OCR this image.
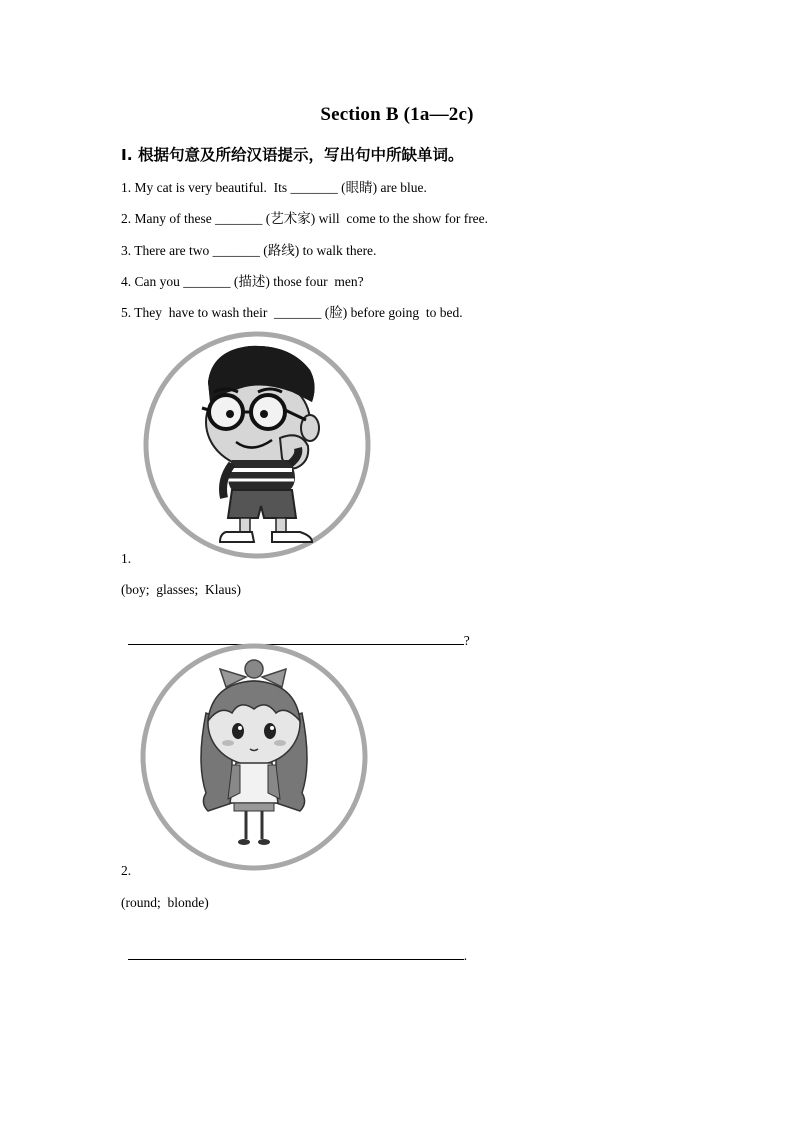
Section B (1a—2c)
Ⅰ. 根据句意及所给汉语提示，写出句中所缺单词。
1. My cat is very beautiful.  Its _______ (眼睛) are blue.
2. Many of these _______ (艺术家) will  come to the show for free.
3. There are two _______ (路线) to walk there.
4. Can you _______ (描述) those four  men?
5. They  have to wash their  _______ (脸) before going  to bed.
1.
(boy;  glasses;  Klaus)

?

2.
(round;  blonde)

.
